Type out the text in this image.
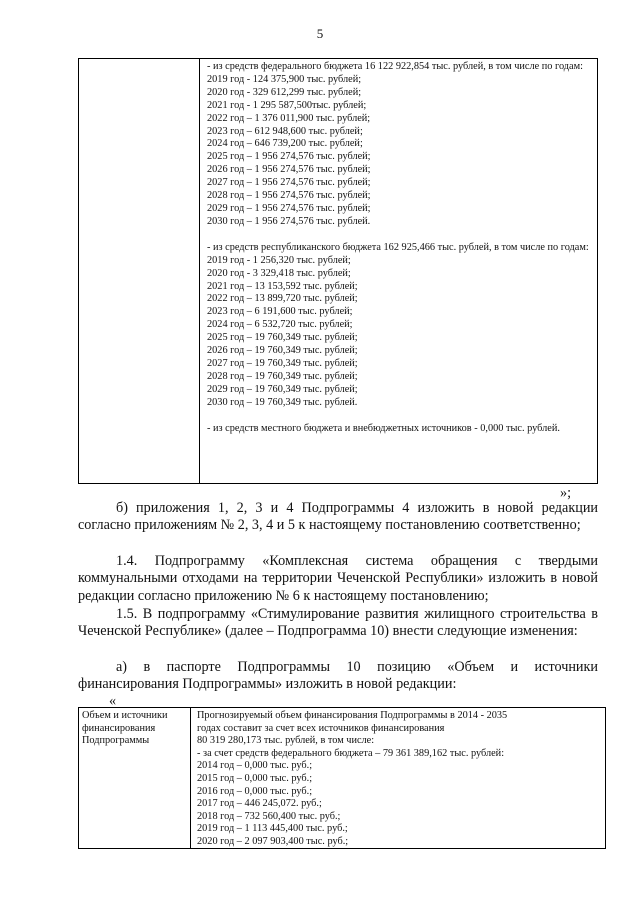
5
- из средств федерального бюджета 16 122 922,854 тыс. рублей, в том числе по годам:
2019 год - 124 375,900 тыс. рублей;
2020 год - 329 612,299 тыс. рублей;
2021 год - 1 295 587,500тыс. рублей;
2022 год – 1 376 011,900 тыс. рублей;
2023 год – 612 948,600 тыс. рублей;
2024 год – 646 739,200 тыс. рублей;
2025 год – 1 956 274,576 тыс. рублей;
2026 год – 1 956 274,576 тыс. рублей;
2027 год – 1 956 274,576 тыс. рублей;
2028 год – 1 956 274,576 тыс. рублей;
2029 год – 1 956 274,576 тыс. рублей;
2030 год – 1 956 274,576 тыс. рублей.
- из средств республиканского бюджета 162 925,466 тыс. рублей, в том числе по годам:
2019 год - 1 256,320 тыс. рублей;
2020 год - 3 329,418 тыс. рублей;
2021 год – 13 153,592 тыс. рублей;
2022 год – 13 899,720 тыс. рублей;
2023 год – 6 191,600 тыс. рублей;
2024 год – 6 532,720 тыс. рублей;
2025 год – 19 760,349 тыс. рублей;
2026 год – 19 760,349 тыс. рублей;
2027 год – 19 760,349 тыс. рублей;
2028 год – 19 760,349 тыс. рублей;
2029 год – 19 760,349 тыс. рублей;
2030 год – 19 760,349 тыс. рублей.
- из средств местного бюджета и внебюджетных источников - 0,000 тыс. рублей.
»;

б) приложения 1, 2, 3 и 4 Подпрограммы 4 изложить в новой редакции согласно приложениям № 2, 3, 4 и 5 к настоящему постановлению соответственно;

1.4. Подпрограмму «Комплексная система обращения с твердыми коммунальными отходами на территории Чеченской Республики» изложить в новой редакции согласно приложению № 6 к настоящему постановлению;

1.5. В подпрограмму «Стимулирование развития жилищного строительства в Чеченской Республике» (далее – Подпрограмма 10) внести следующие изменения:

а) в паспорте Подпрограммы 10 позицию «Объем и источники финансирования Подпрограммы» изложить в новой редакции:

«
Объем и источники финансирования Подпрограммы
Прогнозируемый объем финансирования Подпрограммы в 2014 - 2035
годах составит за счет всех источников финансирования
80 319 280,173 тыс. рублей, в том числе:
- за счет средств федерального бюджета – 79 361 389,162 тыс. рублей:
2014 год – 0,000 тыс. руб.;
2015 год – 0,000 тыс. руб.;
2016 год – 0,000 тыс. руб.;
2017 год – 446 245,072. руб.;
2018 год – 732 560,400 тыс. руб.;
2019 год – 1 113 445,400 тыс. руб.;
2020 год – 2 097 903,400 тыс. руб.;
